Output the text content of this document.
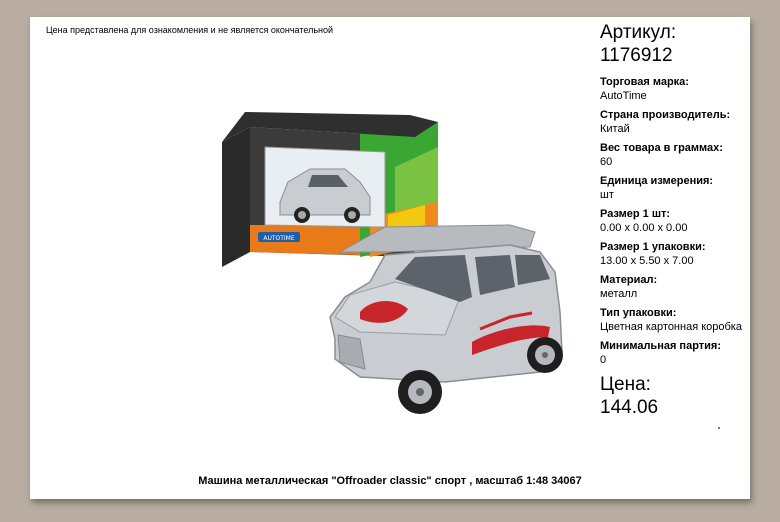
Цена представлена для ознакомления и не является окончательной	Артикул:
1176912
Торговая марка:
AutoTime
Страна производитель:
Китай
Вес товара в граммах:
60
Единица измерения:
шт
Размер 1 шт:
0.00 x 0.00 x 0.00
Размер 1 упаковки:
13.00 x 5.50 x 7.00
Материал:
металл
Тип упаковки:
Цветная картонная коробка
Минимальная партия:
0
Цена:
144.06
AUTOTIME
Машина металлическая "Offroader classic" спорт , масштаб 1:48 34067
